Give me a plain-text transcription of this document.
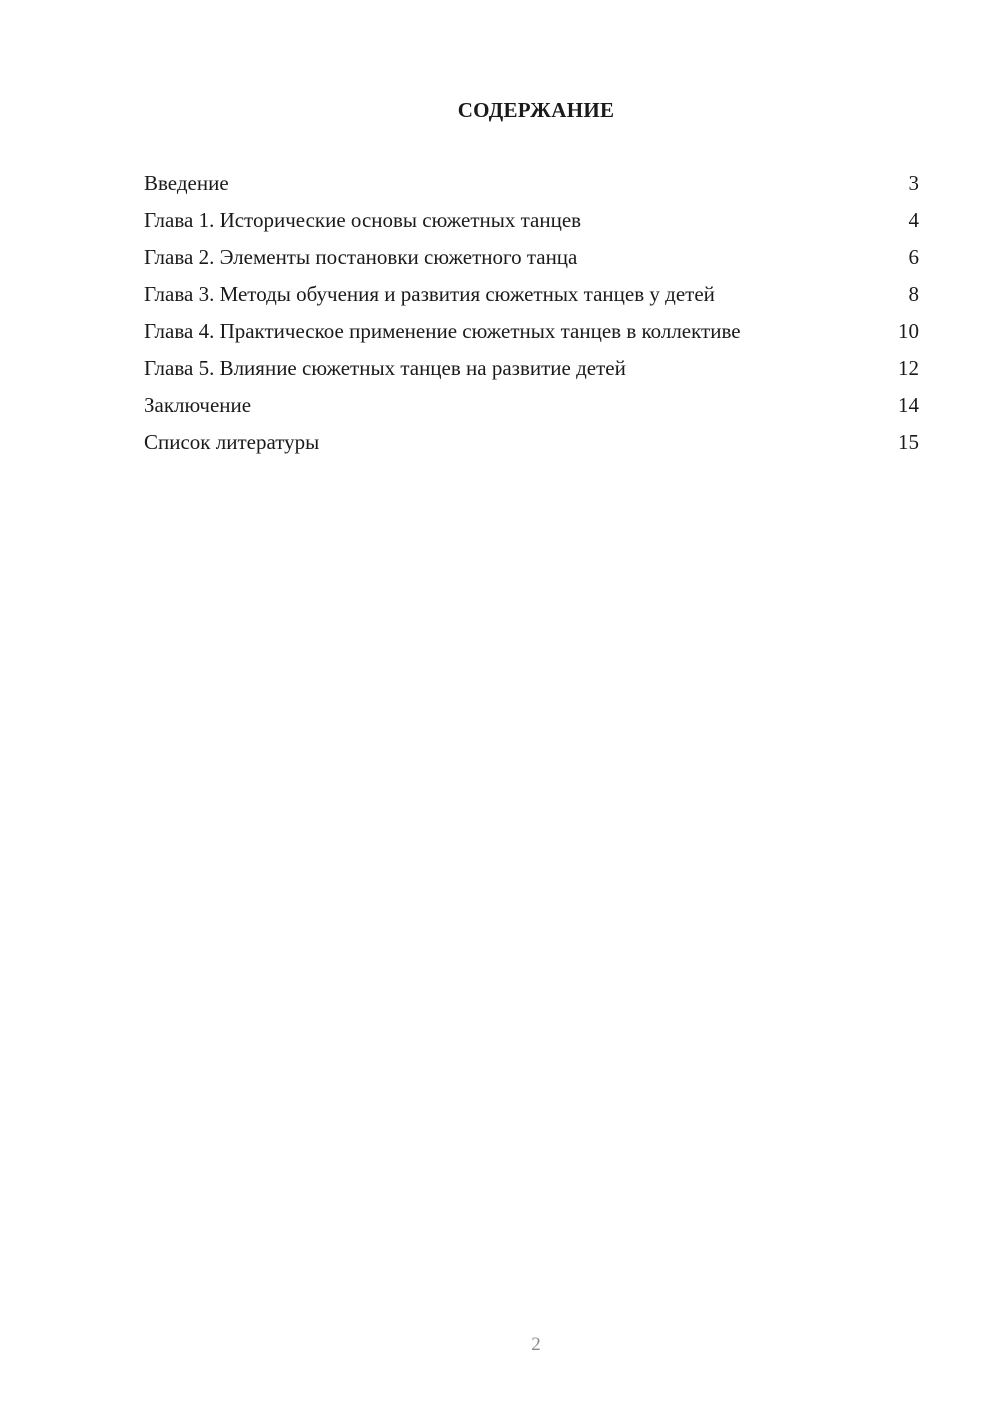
СОДЕРЖАНИЕ
Введение	3
Глава 1. Исторические основы сюжетных танцев	4
Глава 2. Элементы постановки сюжетного танца	6
Глава 3. Методы обучения и развития сюжетных танцев у детей	8
Глава 4. Практическое применение сюжетных танцев в коллективе	10
Глава 5. Влияние сюжетных танцев на развитие детей	12
Заключение	14
Список литературы	15
2
